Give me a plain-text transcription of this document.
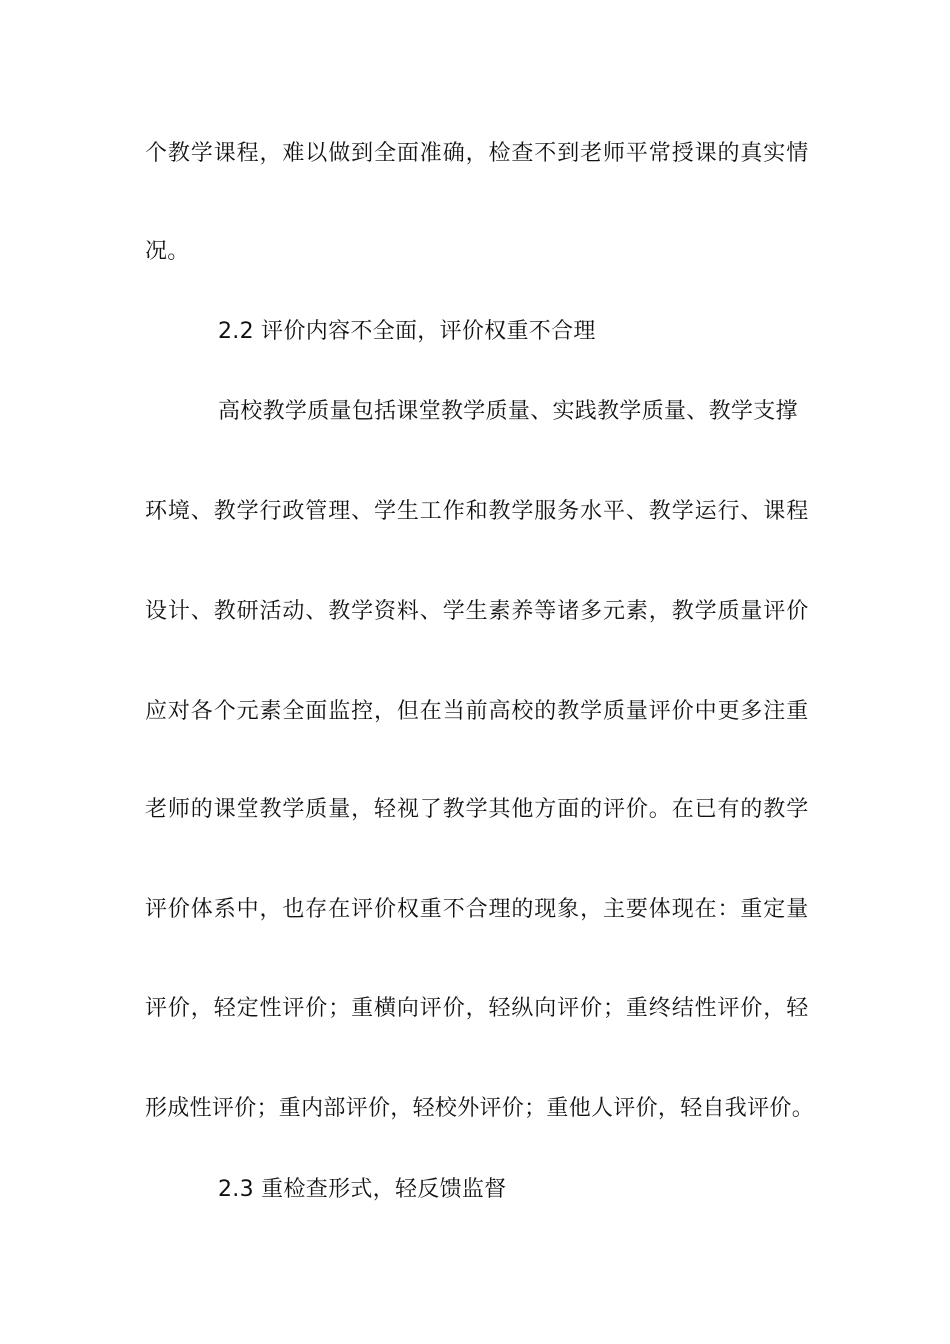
个教学课程，难以做到全面准确，检查不到老师平常授课的真实情
况。
2.2 评价内容不全面，评价权重不合理
高校教学质量包括课堂教学质量、实践教学质量、教学支撑
环境、教学行政管理、学生工作和教学服务水平、教学运行、课程
设计、教研活动、教学资料、学生素养等诸多元素，教学质量评价
应对各个元素全面监控，但在当前高校的教学质量评价中更多注重
老师的课堂教学质量，轻视了教学其他方面的评价。在已有的教学
评价体系中，也存在评价权重不合理的现象，主要体现在：重定量
评价，轻定性评价；重横向评价，轻纵向评价；重终结性评价，轻
形成性评价；重内部评价，轻校外评价；重他人评价，轻自我评价。
2.3 重检查形式，轻反馈监督
